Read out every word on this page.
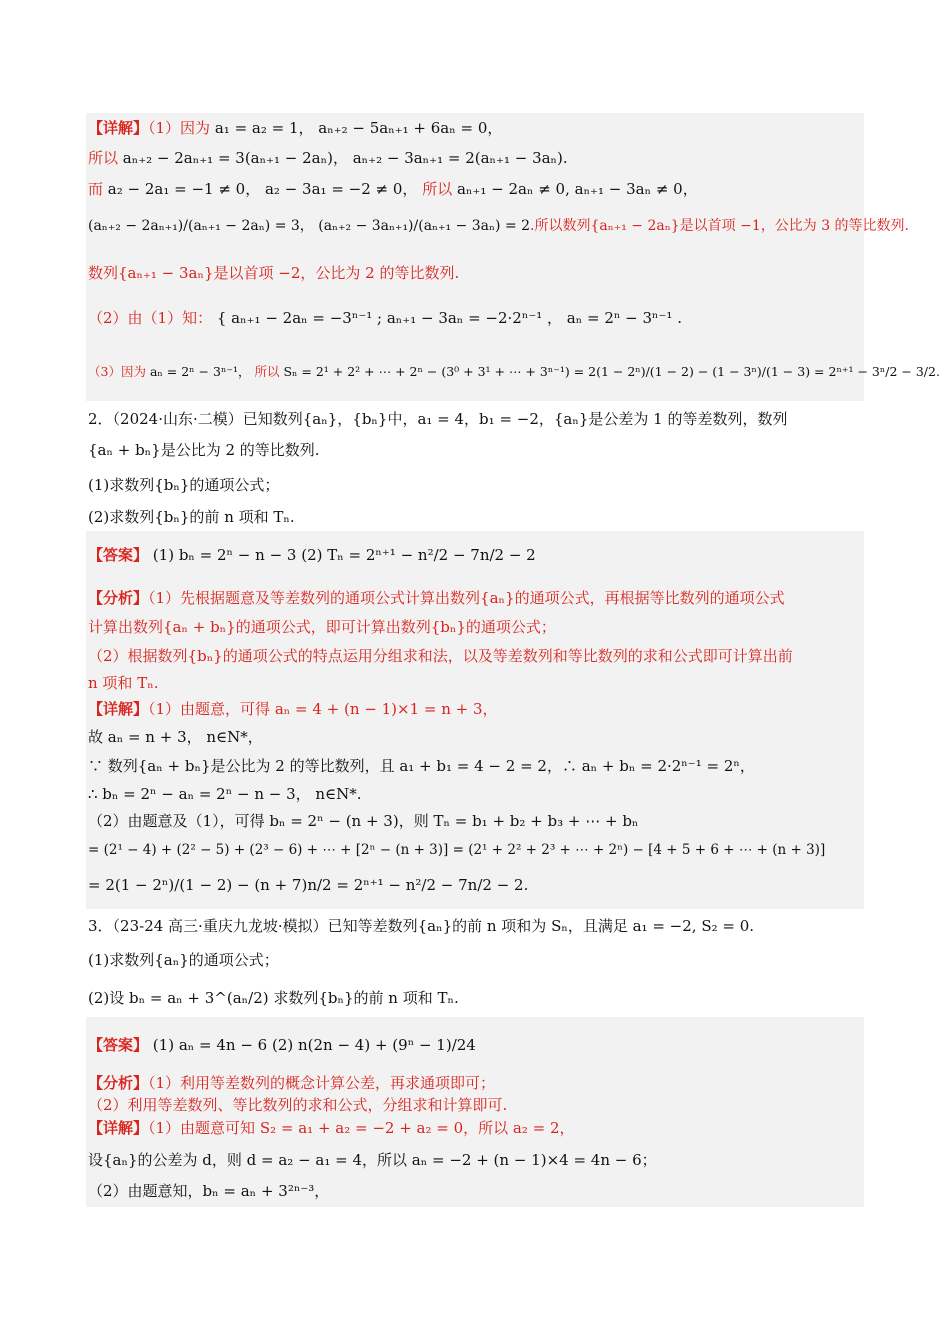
【详解】（1）因为 a₁ = a₂ = 1， aₙ₊₂ − 5aₙ₊₁ + 6aₙ = 0，
所以 aₙ₊₂ − 2aₙ₊₁ = 3(aₙ₊₁ − 2aₙ)， aₙ₊₂ − 3aₙ₊₁ = 2(aₙ₊₁ − 3aₙ).
而 a₂ − 2a₁ = −1 ≠ 0， a₂ − 3a₁ = −2 ≠ 0， 所以 aₙ₊₁ − 2aₙ ≠ 0, aₙ₊₁ − 3aₙ ≠ 0，
(aₙ₊₂ − 2aₙ₊₁)/(aₙ₊₁ − 2aₙ) = 3， (aₙ₊₂ − 3aₙ₊₁)/(aₙ₊₁ − 3aₙ) = 2.所以数列{aₙ₊₁ − 2aₙ}是以首项 −1，公比为 3 的等比数列.
数列{aₙ₊₁ − 3aₙ}是以首项 −2，公比为 2 的等比数列.
（2）由（1）知： { aₙ₊₁ − 2aₙ = −3ⁿ⁻¹ ; aₙ₊₁ − 3aₙ = −2·2ⁿ⁻¹ ， aₙ = 2ⁿ − 3ⁿ⁻¹ .
（3）因为 aₙ = 2ⁿ − 3ⁿ⁻¹， 所以 Sₙ = 2¹ + 2² + ⋯ + 2ⁿ − (3⁰ + 3¹ + ⋯ + 3ⁿ⁻¹) = 2(1 − 2ⁿ)/(1 − 2) − (1 − 3ⁿ)/(1 − 3) = 2ⁿ⁺¹ − 3ⁿ/2 − 3/2.
2．（2024·山东·二模）已知数列{aₙ}，{bₙ}中，a₁ = 4，b₁ = −2，{aₙ}是公差为 1 的等差数列，数列
{aₙ + bₙ}是公比为 2 的等比数列.
(1)求数列{bₙ}的通项公式；
(2)求数列{bₙ}的前 n 项和 Tₙ.
【答案】 (1) bₙ = 2ⁿ − n − 3 (2) Tₙ = 2ⁿ⁺¹ − n²/2 − 7n/2 − 2
【分析】（1）先根据题意及等差数列的通项公式计算出数列{aₙ}的通项公式，再根据等比数列的通项公式
计算出数列{aₙ + bₙ}的通项公式，即可计算出数列{bₙ}的通项公式；
（2）根据数列{bₙ}的通项公式的特点运用分组求和法，以及等差数列和等比数列的求和公式即可计算出前
n 项和 Tₙ.
【详解】（1）由题意，可得 aₙ = 4 + (n − 1)×1 = n + 3，
故 aₙ = n + 3， n∈N*，
∵ 数列{aₙ + bₙ}是公比为 2 的等比数列，且 a₁ + b₁ = 4 − 2 = 2，∴ aₙ + bₙ = 2·2ⁿ⁻¹ = 2ⁿ，
∴ bₙ = 2ⁿ − aₙ = 2ⁿ − n − 3， n∈N*.
（2）由题意及（1），可得 bₙ = 2ⁿ − (n + 3)，则 Tₙ = b₁ + b₂ + b₃ + ⋯ + bₙ
= (2¹ − 4) + (2² − 5) + (2³ − 6) + ⋯ + [2ⁿ − (n + 3)] = (2¹ + 2² + 2³ + ⋯ + 2ⁿ) − [4 + 5 + 6 + ⋯ + (n + 3)]
= 2(1 − 2ⁿ)/(1 − 2) − (n + 7)n/2 = 2ⁿ⁺¹ − n²/2 − 7n/2 − 2.
3．（23-24 高三·重庆九龙坡·模拟）已知等差数列{aₙ}的前 n 项和为 Sₙ，且满足 a₁ = −2, S₂ = 0.
(1)求数列{aₙ}的通项公式；
(2)设 bₙ = aₙ + 3^(aₙ/2) 求数列{bₙ}的前 n 项和 Tₙ.
【答案】 (1) aₙ = 4n − 6 (2) n(2n − 4) + (9ⁿ − 1)/24
【分析】（1）利用等差数列的概念计算公差，再求通项即可；
（2）利用等差数列、等比数列的求和公式，分组求和计算即可.
【详解】（1）由题意可知 S₂ = a₁ + a₂ = −2 + a₂ = 0，所以 a₂ = 2，
设{aₙ}的公差为 d，则 d = a₂ − a₁ = 4，所以 aₙ = −2 + (n − 1)×4 = 4n − 6；
（2）由题意知，bₙ = aₙ + 3²ⁿ⁻³，
